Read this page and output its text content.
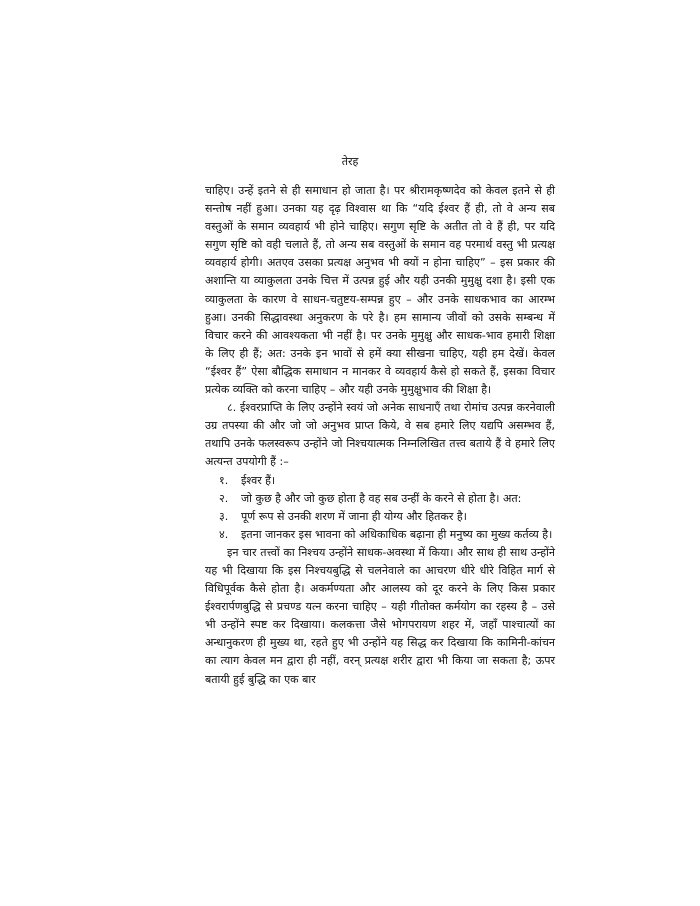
तेरह

चाहिए। उन्हें इतने से ही समाधान हो जाता है। पर श्रीरामकृष्णदेव को केवल इतने से ही सन्तोष नहीं हुआ। उनका यह दृढ़ विश्वास था कि “यदि ईश्वर हैं ही, तो वे अन्य सब वस्तुओं के समान व्यवहार्य भी होने चाहिए। सगुण सृष्टि के अतीत तो वे हैं ही, पर यदि सगुण सृष्टि को वही चलाते हैं, तो अन्य सब वस्तुओं के समान वह परमार्थ वस्तु भी प्रत्यक्ष व्यवहार्य होगी। अतएव उसका प्रत्यक्ष अनुभव भी क्यों न होना चाहिए” – इस प्रकार की अशान्ति या व्याकुलता उनके चित्त में उत्पन्न हुई और यही उनकी मुमुक्षु दशा है। इसी एक व्याकुलता के कारण वे साधन-चतुष्टय-सम्पन्न हुए – और उनके साधकभाव का आरम्भ हुआ। उनकी सिद्धावस्था अनुकरण के परे है। हम सामान्य जीवों को उसके सम्बन्ध में विचार करने की आवश्यकता भी नहीं है। पर उनके मुमुक्षु और साधक-भाव हमारी शिक्षा के लिए ही हैं; अत: उनके इन भावों से हमें क्या सीखना चाहिए, यही हम देखें। केवल “ईश्वर हैं” ऐसा बौद्धिक समाधान न मानकर वे व्यवहार्य कैसे हो सकते हैं, इसका विचार प्रत्येक व्यक्ति को करना चाहिए – और यही उनके मुमुक्षुभाव की शिक्षा है।

८. ईश्वरप्राप्ति के लिए उन्होंने स्वयं जो अनेक साधनाएँ तथा रोमांच उत्पन्न करनेवाली उग्र तपस्या की और जो जो अनुभव प्राप्त किये, वे सब हमारे लिए यद्यपि असम्भव हैं, तथापि उनके फलस्वरूप उन्होंने जो निश्चयात्मक निम्नलिखित तत्त्व बताये हैं वे हमारे लिए अत्यन्त उपयोगी हैं :–

१.	ईश्वर हैं।
२.	जो कुछ है और जो कुछ होता है वह सब उन्हीं के करने से होता है। अत:
३.	पूर्ण रूप से उनकी शरण में जाना ही योग्य और हितकर है।
४.	इतना जानकर इस भावना को अधिकाधिक बढ़ाना ही मनुष्य का मुख्य कर्तव्य है।

इन चार तत्त्वों का निश्चय उन्होंने साधक-अवस्था में किया। और साथ ही साथ उन्होंने यह भी दिखाया कि इस निश्चयबुद्धि से चलनेवाले का आचरण धीरे धीरे विहित मार्ग से विधिपूर्वक कैसे होता है। अकर्मण्यता और आलस्य को दूर करने के लिए किस प्रकार ईश्वरार्पणबुद्धि से प्रचण्ड यत्न करना चाहिए – यही गीतोक्त कर्मयोग का रहस्य है – उसे भी उन्होंने स्पष्ट कर दिखाया। कलकत्ता जैसे भोगपरायण शहर में, जहाँ पाश्चात्यों का अन्धानुकरण ही मुख्य था, रहते हुए भी उन्होंने यह सिद्ध कर दिखाया कि कामिनी-कांचन का त्याग केवल मन द्वारा ही नहीं, वरन् प्रत्यक्ष शरीर द्वारा भी किया जा सकता है; ऊपर बतायी हुई बुद्धि का एक बार
